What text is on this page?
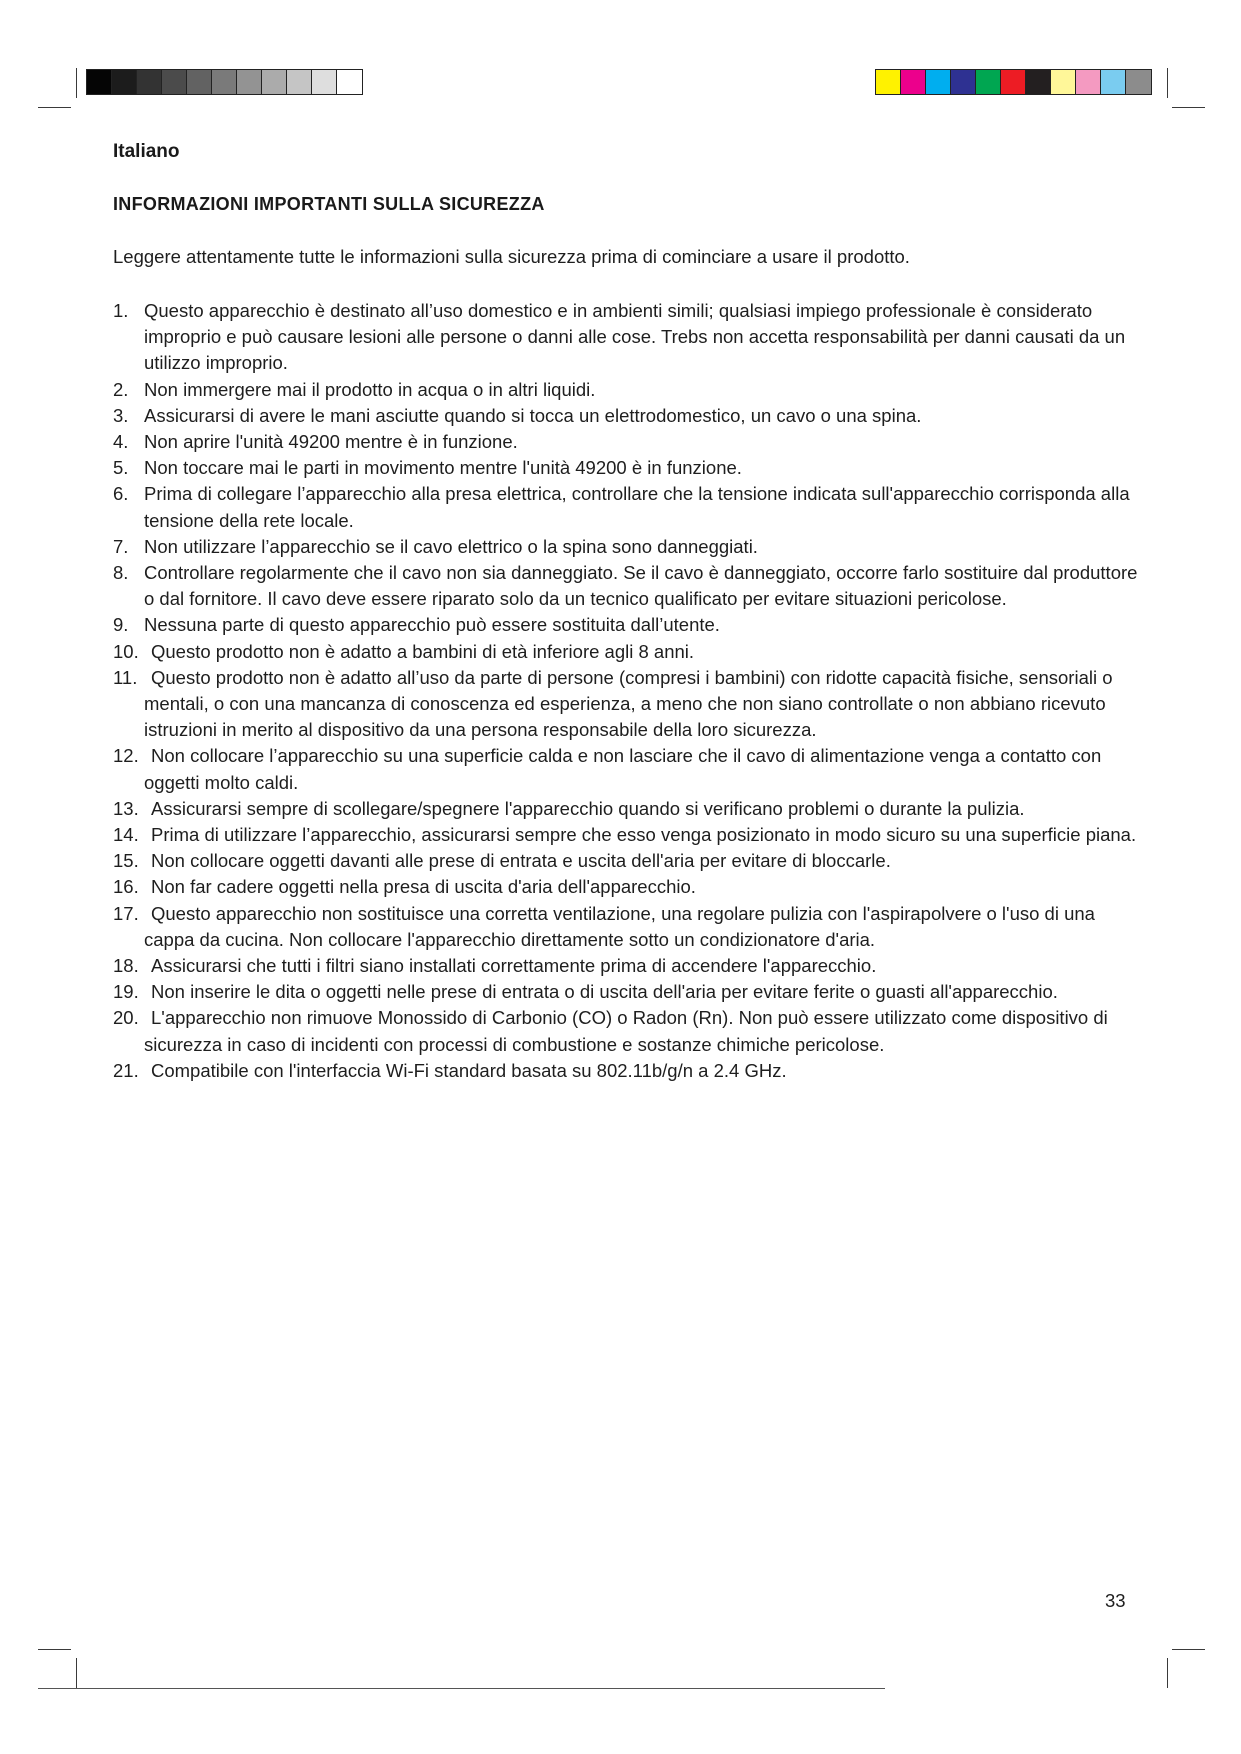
Italiano
INFORMAZIONI IMPORTANTI SULLA SICUREZZA
Leggere attentamente tutte le informazioni sulla sicurezza prima di cominciare a usare il prodotto.
1. Questo apparecchio è destinato all’uso domestico e in ambienti simili; qualsiasi impiego professionale è considerato improprio e può causare lesioni alle persone o danni alle cose. Trebs non accetta responsabilità per danni causati da un utilizzo improprio.
2. Non immergere mai il prodotto in acqua o in altri liquidi.
3. Assicurarsi di avere le mani asciutte quando si tocca un elettrodomestico, un cavo o una spina.
4. Non aprire l'unità 49200 mentre è in funzione.
5. Non toccare mai le parti in movimento mentre l'unità 49200 è in funzione.
6. Prima di collegare l’apparecchio alla presa elettrica, controllare che la tensione indicata sull'apparecchio corrisponda alla tensione della rete locale.
7. Non utilizzare l’apparecchio se il cavo elettrico o la spina sono danneggiati.
8. Controllare regolarmente che il cavo non sia danneggiato. Se il cavo è danneggiato, occorre farlo sostituire dal produttore o dal fornitore. Il cavo deve essere riparato solo da un tecnico qualificato per evitare situazioni pericolose.
9. Nessuna parte di questo apparecchio può essere sostituita dall’utente.
10. Questo prodotto non è adatto a bambini di età inferiore agli 8 anni.
11. Questo prodotto non è adatto all’uso da parte di persone (compresi i bambini) con ridotte capacità fisiche, sensoriali o mentali, o con una mancanza di conoscenza ed esperienza, a meno che non siano controllate o non abbiano ricevuto istruzioni in merito al dispositivo da una persona responsabile della loro sicurezza.
12. Non collocare l’apparecchio su una superficie calda e non lasciare che il cavo di alimentazione venga a contatto con oggetti molto caldi.
13. Assicurarsi sempre di scollegare/spegnere l'apparecchio quando si verificano problemi o durante la pulizia.
14. Prima di utilizzare l’apparecchio, assicurarsi sempre che esso venga posizionato in modo sicuro su una superficie piana.
15. Non collocare oggetti davanti alle prese di entrata e uscita dell'aria per evitare di bloccarle.
16. Non far cadere oggetti nella presa di uscita d'aria dell'apparecchio.
17. Questo apparecchio non sostituisce una corretta ventilazione, una regolare pulizia con l'aspirapolvere o l'uso di una cappa da cucina. Non collocare l'apparecchio direttamente sotto un condizionatore d'aria.
18. Assicurarsi che tutti i filtri siano installati correttamente prima di accendere l'apparecchio.
19. Non inserire le dita o oggetti nelle prese di entrata o di uscita dell'aria per evitare ferite o guasti all'apparecchio.
20. L'apparecchio non rimuove Monossido di Carbonio (CO) o Radon (Rn). Non può essere utilizzato come dispositivo di sicurezza in caso di incidenti con processi di combustione e sostanze chimiche pericolose.
21. Compatibile con l'interfaccia Wi-Fi standard basata su 802.11b/g/n a 2.4 GHz.
33
